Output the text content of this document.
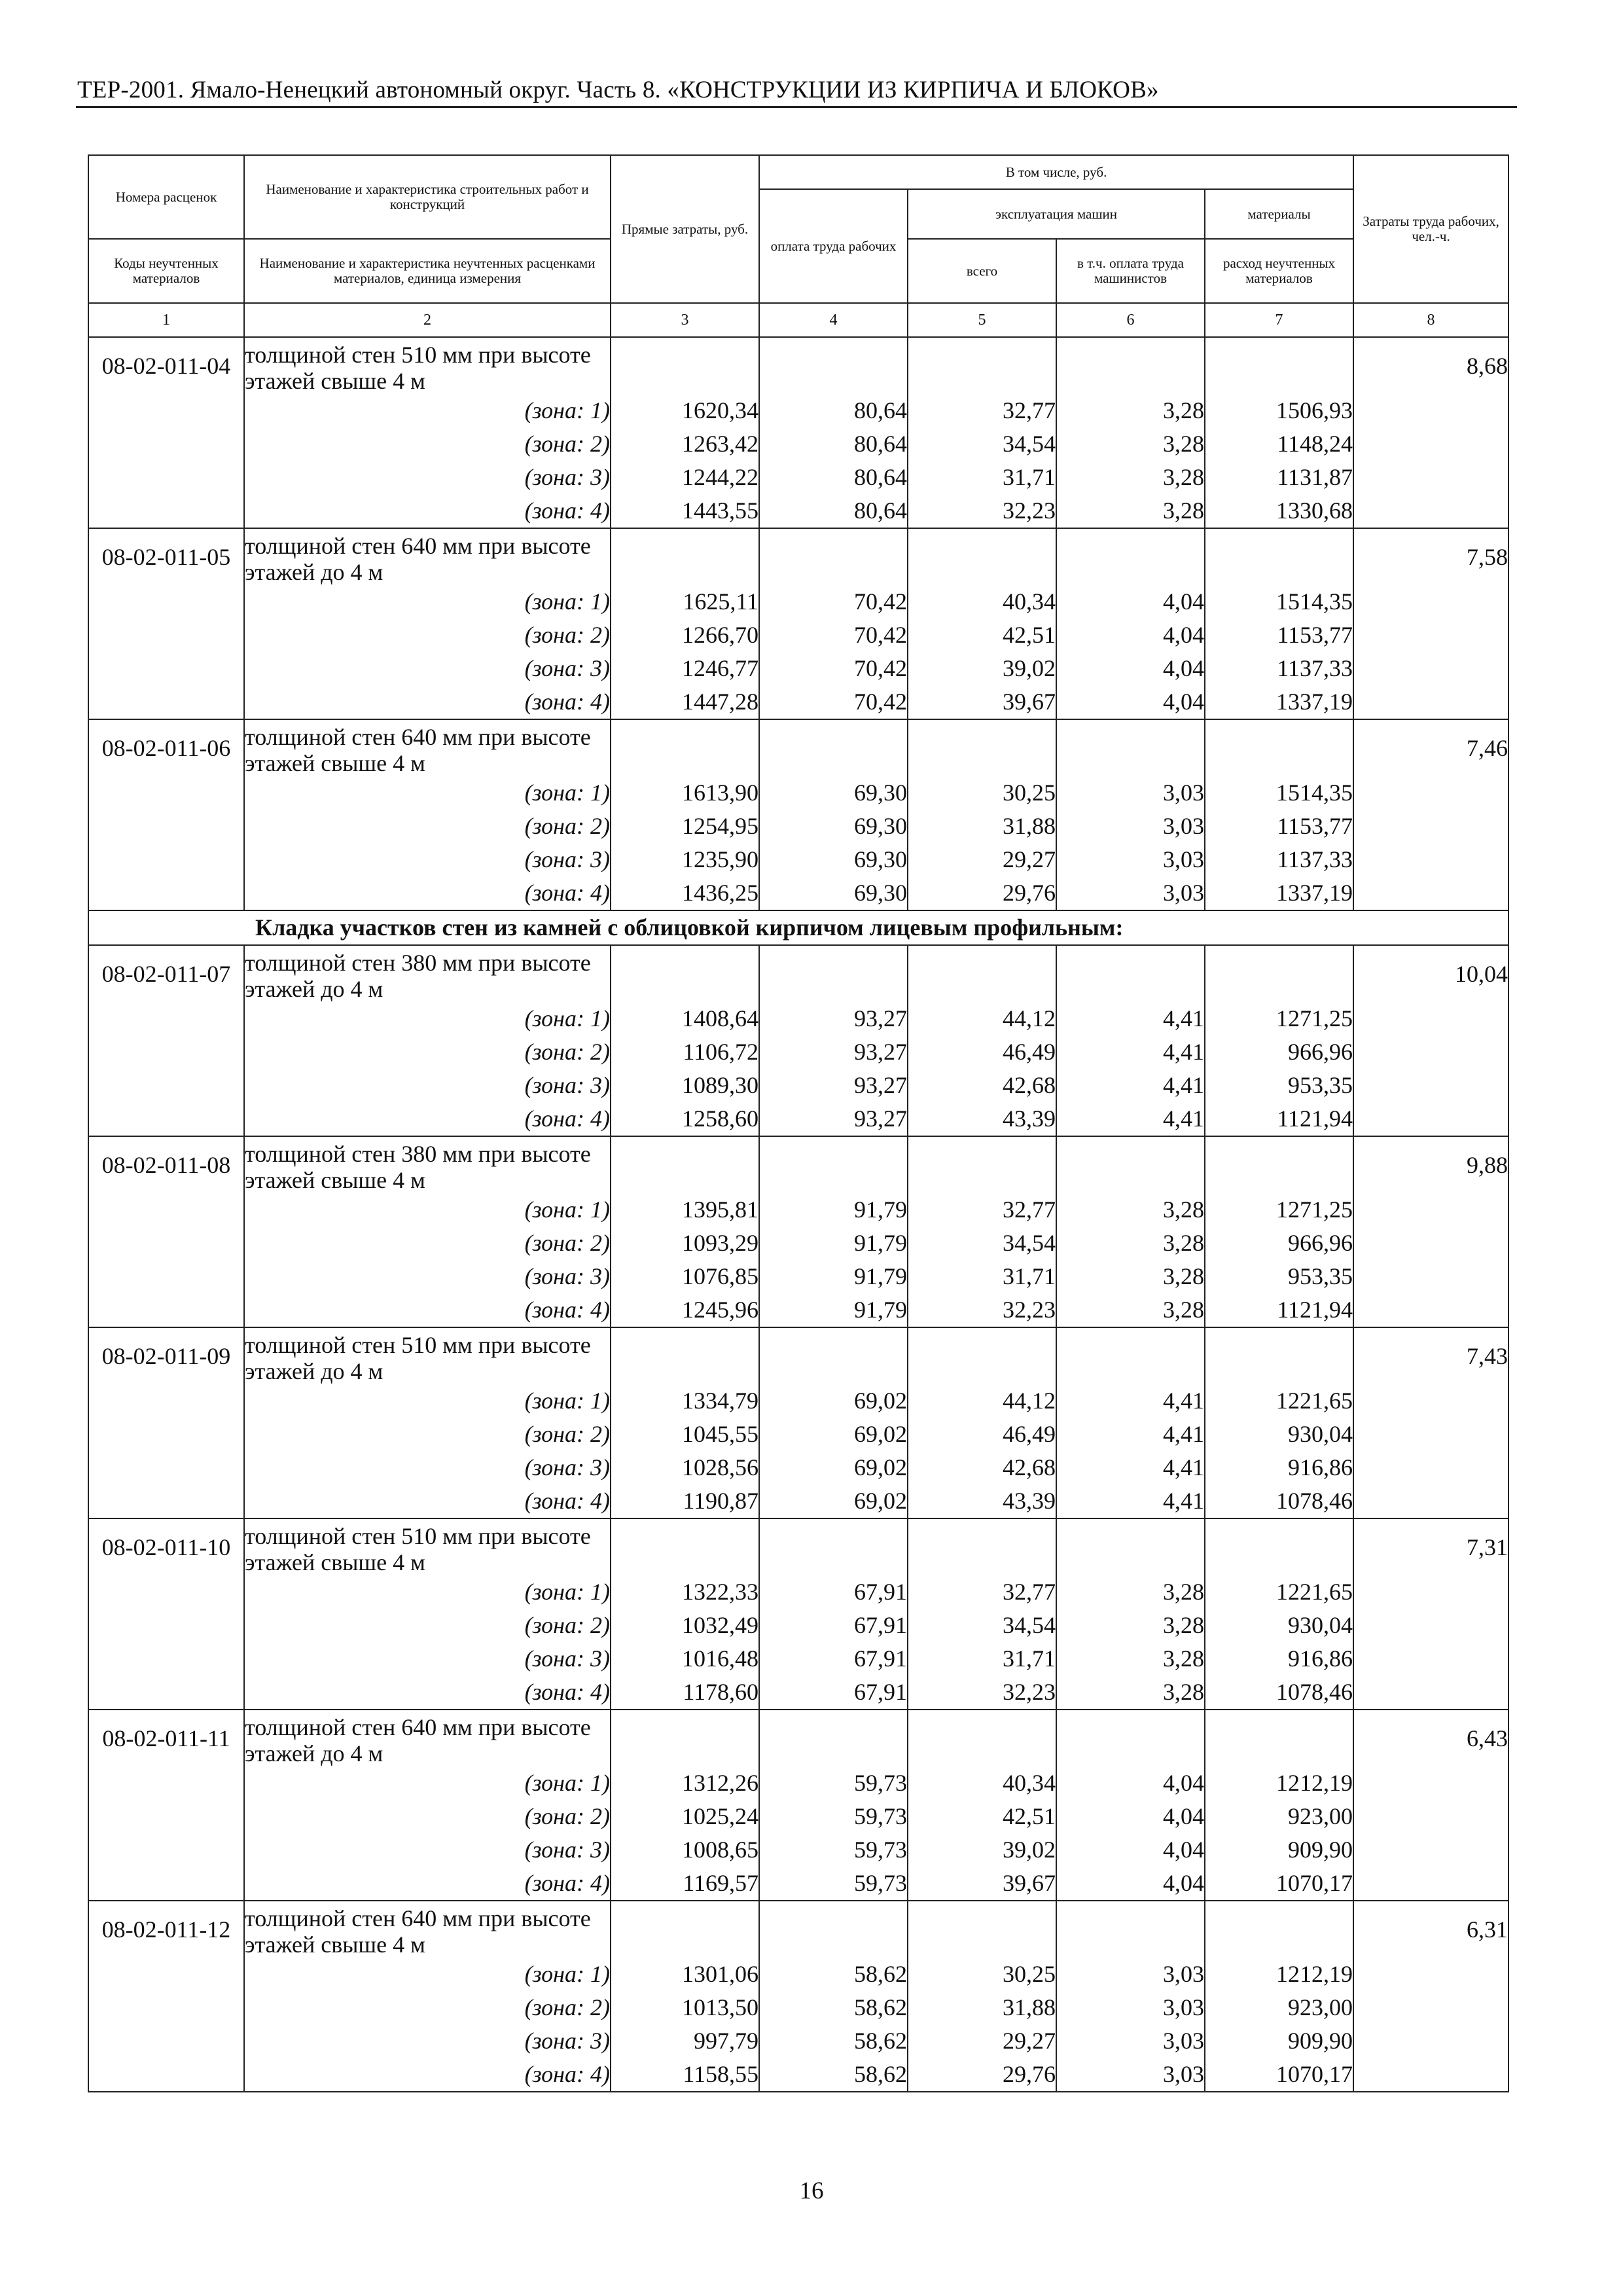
ТЕР-2001. Ямало-Ненецкий автономный округ. Часть 8. «КОНСТРУКЦИИ ИЗ КИРПИЧА И БЛОКОВ»
Номера расценок	Наименование и характеристика строительных работ и конструкций	Прямые затраты, руб.	В том числе, руб.				Затраты труда рабочих, чел.-ч.
			оплата труда рабочих	эксплуатация машин		материалы	
Коды неучтенных материалов	Наименование и характеристика неучтенных расценками материалов, единица измерения			всего	в т.ч. оплата труда машинистов	расход неучтенных материалов	
1	2	3	4	5	6	7	8
08-02-011-04	толщиной стен 510 мм при высоте этажей свыше 4 м						8,68
	(зона: 1)	1620,34	80,64	32,77	3,28	1506,93	
	(зона: 2)	1263,42	80,64	34,54	3,28	1148,24	
	(зона: 3)	1244,22	80,64	31,71	3,28	1131,87	
	(зона: 4)	1443,55	80,64	32,23	3,28	1330,68	
08-02-011-05	толщиной стен 640 мм при высоте этажей до 4 м						7,58
	(зона: 1)	1625,11	70,42	40,34	4,04	1514,35	
	(зона: 2)	1266,70	70,42	42,51	4,04	1153,77	
	(зона: 3)	1246,77	70,42	39,02	4,04	1137,33	
	(зона: 4)	1447,28	70,42	39,67	4,04	1337,19	
08-02-011-06	толщиной стен 640 мм при высоте этажей свыше 4 м						7,46
	(зона: 1)	1613,90	69,30	30,25	3,03	1514,35	
	(зона: 2)	1254,95	69,30	31,88	3,03	1153,77	
	(зона: 3)	1235,90	69,30	29,27	3,03	1137,33	
	(зона: 4)	1436,25	69,30	29,76	3,03	1337,19	
Кладка участков стен из камней с облицовкой кирпичом лицевым профильным:							
08-02-011-07	толщиной стен 380 мм при высоте этажей до 4 м						10,04
	(зона: 1)	1408,64	93,27	44,12	4,41	1271,25	
	(зона: 2)	1106,72	93,27	46,49	4,41	966,96	
	(зона: 3)	1089,30	93,27	42,68	4,41	953,35	
	(зона: 4)	1258,60	93,27	43,39	4,41	1121,94	
08-02-011-08	толщиной стен 380 мм при высоте этажей свыше 4 м						9,88
	(зона: 1)	1395,81	91,79	32,77	3,28	1271,25	
	(зона: 2)	1093,29	91,79	34,54	3,28	966,96	
	(зона: 3)	1076,85	91,79	31,71	3,28	953,35	
	(зона: 4)	1245,96	91,79	32,23	3,28	1121,94	
08-02-011-09	толщиной стен 510 мм при высоте этажей до 4 м						7,43
	(зона: 1)	1334,79	69,02	44,12	4,41	1221,65	
	(зона: 2)	1045,55	69,02	46,49	4,41	930,04	
	(зона: 3)	1028,56	69,02	42,68	4,41	916,86	
	(зона: 4)	1190,87	69,02	43,39	4,41	1078,46	
08-02-011-10	толщиной стен 510 мм при высоте этажей свыше 4 м						7,31
	(зона: 1)	1322,33	67,91	32,77	3,28	1221,65	
	(зона: 2)	1032,49	67,91	34,54	3,28	930,04	
	(зона: 3)	1016,48	67,91	31,71	3,28	916,86	
	(зона: 4)	1178,60	67,91	32,23	3,28	1078,46	
08-02-011-11	толщиной стен 640 мм при высоте этажей до 4 м						6,43
	(зона: 1)	1312,26	59,73	40,34	4,04	1212,19	
	(зона: 2)	1025,24	59,73	42,51	4,04	923,00	
	(зона: 3)	1008,65	59,73	39,02	4,04	909,90	
	(зона: 4)	1169,57	59,73	39,67	4,04	1070,17	
08-02-011-12	толщиной стен 640 мм при высоте этажей свыше 4 м						6,31
	(зона: 1)	1301,06	58,62	30,25	3,03	1212,19	
	(зона: 2)	1013,50	58,62	31,88	3,03	923,00	
	(зона: 3)	997,79	58,62	29,27	3,03	909,90	
	(зона: 4)	1158,55	58,62	29,76	3,03	1070,17	
16
